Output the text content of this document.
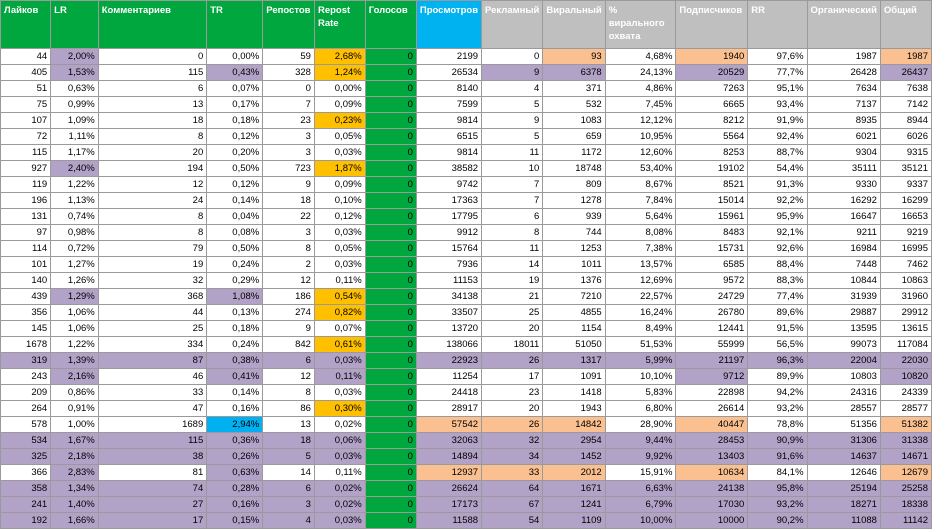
Лайков	LR	Комментариев	TR	Репостов	Repost Rate	Голосов	Просмотров	Рекламный	Виральный	% вирального охвата	Подписчиков	RR	Органический	Общий
44	2,00%	0	0,00%	59	2,68%	0	2199	0	93	4,68%	1940	97,6%	1987	1987
405	1,53%	115	0,43%	328	1,24%	0	26534	9	6378	24,13%	20529	77,7%	26428	26437
51	0,63%	6	0,07%	0	0,00%	0	8140	4	371	4,86%	7263	95,1%	7634	7638
75	0,99%	13	0,17%	7	0,09%	0	7599	5	532	7,45%	6665	93,4%	7137	7142
107	1,09%	18	0,18%	23	0,23%	0	9814	9	1083	12,12%	8212	91,9%	8935	8944
72	1,11%	8	0,12%	3	0,05%	0	6515	5	659	10,95%	5564	92,4%	6021	6026
115	1,17%	20	0,20%	3	0,03%	0	9814	11	1172	12,60%	8253	88,7%	9304	9315
927	2,40%	194	0,50%	723	1,87%	0	38582	10	18748	53,40%	19102	54,4%	35111	35121
119	1,22%	12	0,12%	9	0,09%	0	9742	7	809	8,67%	8521	91,3%	9330	9337
196	1,13%	24	0,14%	18	0,10%	0	17363	7	1278	7,84%	15014	92,2%	16292	16299
131	0,74%	8	0,04%	22	0,12%	0	17795	6	939	5,64%	15961	95,9%	16647	16653
97	0,98%	8	0,08%	3	0,03%	0	9912	8	744	8,08%	8483	92,1%	9211	9219
114	0,72%	79	0,50%	8	0,05%	0	15764	11	1253	7,38%	15731	92,6%	16984	16995
101	1,27%	19	0,24%	2	0,03%	0	7936	14	1011	13,57%	6585	88,4%	7448	7462
140	1,26%	32	0,29%	12	0,11%	0	11153	19	1376	12,69%	9572	88,3%	10844	10863
439	1,29%	368	1,08%	186	0,54%	0	34138	21	7210	22,57%	24729	77,4%	31939	31960
356	1,06%	44	0,13%	274	0,82%	0	33507	25	4855	16,24%	26780	89,6%	29887	29912
145	1,06%	25	0,18%	9	0,07%	0	13720	20	1154	8,49%	12441	91,5%	13595	13615
1678	1,22%	334	0,24%	842	0,61%	0	138066	18011	51050	51,53%	55999	56,5%	99073	117084
319	1,39%	87	0,38%	6	0,03%	0	22923	26	1317	5,99%	21197	96,3%	22004	22030
243	2,16%	46	0,41%	12	0,11%	0	11254	17	1091	10,10%	9712	89,9%	10803	10820
209	0,86%	33	0,14%	8	0,03%	0	24418	23	1418	5,83%	22898	94,2%	24316	24339
264	0,91%	47	0,16%	86	0,30%	0	28917	20	1943	6,80%	26614	93,2%	28557	28577
578	1,00%	1689	2,94%	13	0,02%	0	57542	26	14842	28,90%	40447	78,8%	51356	51382
534	1,67%	115	0,36%	18	0,06%	0	32063	32	2954	9,44%	28453	90,9%	31306	31338
325	2,18%	38	0,26%	5	0,03%	0	14894	34	1452	9,92%	13403	91,6%	14637	14671
366	2,83%	81	0,63%	14	0,11%	0	12937	33	2012	15,91%	10634	84,1%	12646	12679
358	1,34%	74	0,28%	6	0,02%	0	26624	64	1671	6,63%	24138	95,8%	25194	25258
241	1,40%	27	0,16%	3	0,02%	0	17173	67	1241	6,79%	17030	93,2%	18271	18338
192	1,66%	17	0,15%	4	0,03%	0	11588	54	1109	10,00%	10000	90,2%	11088	11142
